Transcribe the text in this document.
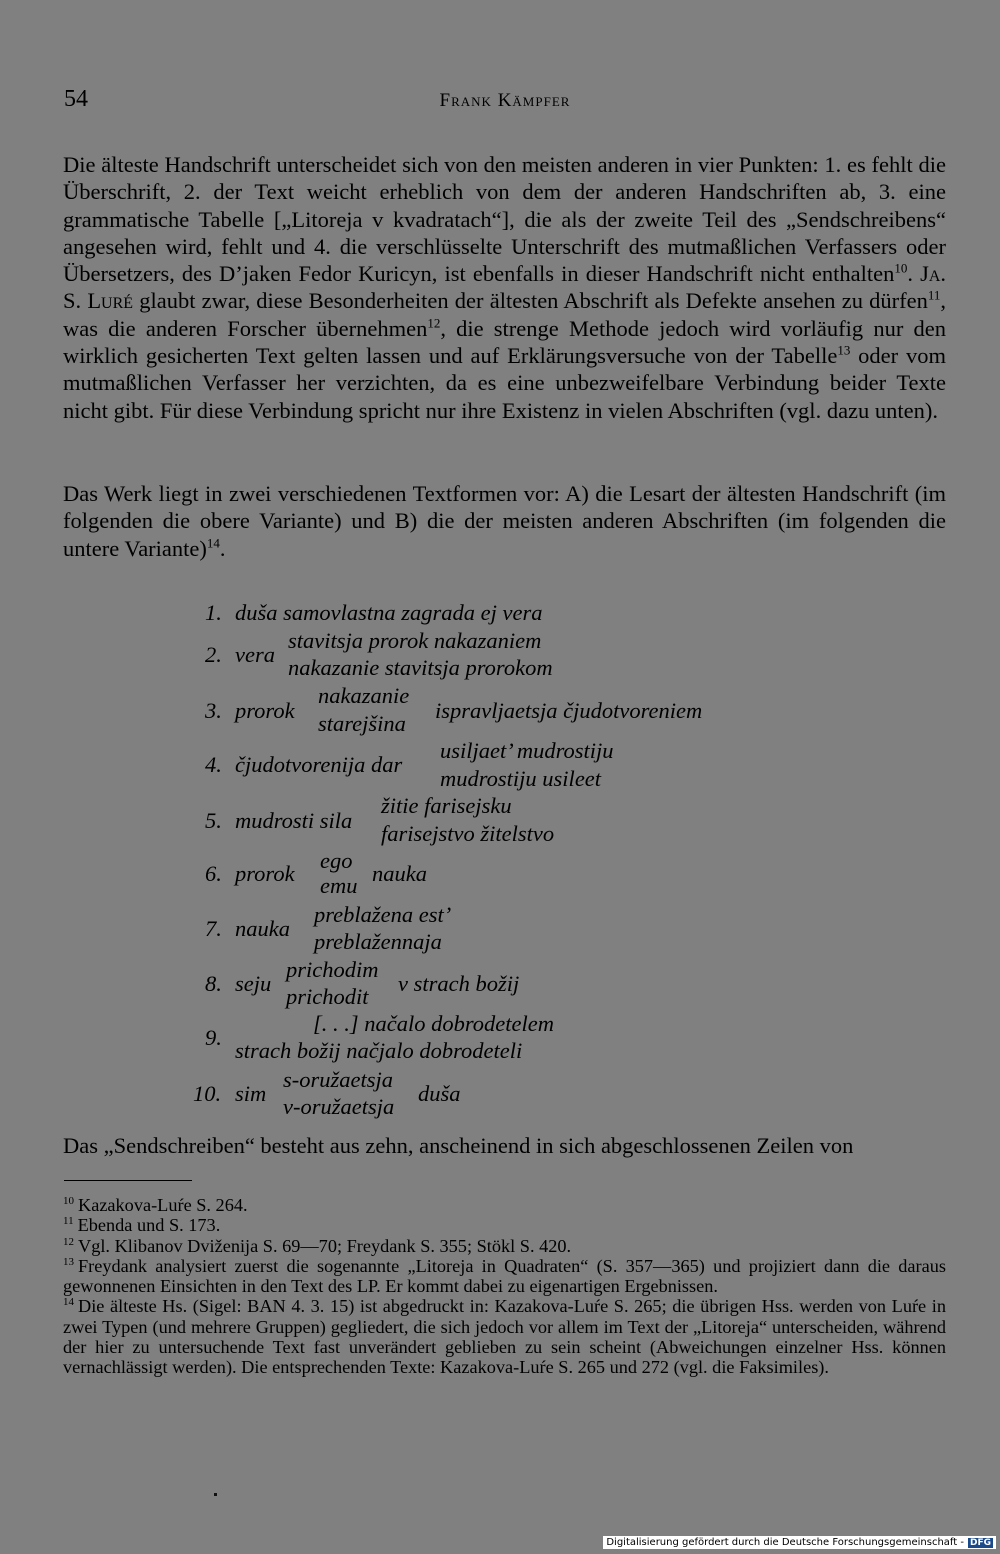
54	Frank Kämpfer
Die älteste Handschrift unterscheidet sich von den meisten anderen in vier Punkten: 1. es fehlt die Überschrift, 2. der Text weicht erheblich von dem der anderen Handschriften ab, 3. eine grammatische Tabelle [„Litoreja v kvadratach“], die als der zweite Teil des „Sendschreibens“ angesehen wird, fehlt und 4. die verschlüsselte Unterschrift des mutmaßlichen Verfassers oder Übersetzers, des D’jaken Fedor Kuricyn, ist ebenfalls in dieser Handschrift nicht enthalten$^{10}$. Ja. S. Luré glaubt zwar, diese Besonderheiten der ältesten Abschrift als Defekte ansehen zu dürfen$^{11}$, was die anderen Forscher übernehmen$^{12}$, die strenge Methode jedoch wird vorläufig nur den wirklich gesicherten Text gelten lassen und auf Erklärungsversuche von der Tabelle$^{13}$ oder vom mutmaßlichen Verfasser her verzichten, da es eine unbezweifelbare Verbindung beider Texte nicht gibt. Für diese Verbindung spricht nur ihre Existenz in vielen Abschriften (vgl. dazu unten).
Das Werk liegt in zwei verschiedenen Textformen vor: A) die Lesart der ältesten Handschrift (im folgenden die obere Variante) und B) die der meisten anderen Abschriften (im folgenden die untere Variante)$^{14}$.
1. duša samovlastna zagrada ej vera
2. vera
stavitsja prorok nakazaniem
nakazanie stavitsja prorokom
3. prorok
nakazanie
starejšina
ispravljaetsja čjudotvoreniem
4. čjudotvorenija dar
usiljaet’ mudrostiju
mudrostiju usileet
5. mudrosti sila
žitie farisejsku
farisejstvo žitelstvo
6. prorok
ego
emu nauka
7. nauka
preblažena est’
preblažennaja
8. seju
prichodim
prichodit
v strach božij
9.
[. . .] načalo dobrodetelem
strach božij načjalo dobrodeteli
10. sim
s-oružaetsja
v-oružaetsja
duša
Das „Sendschreiben“ besteht aus zehn, anscheinend in sich abgeschlossenen Zeilen von

$^{10}$ Kazakova-Luŕe S. 264.

$^{11}$ Ebenda und S. 173.

$^{12}$ Vgl. Klibanov Dviženija S. 69—70; Freydank S. 355; Stökl S. 420.

$^{13}$ Freydank analysiert zuerst die sogenannte „Litoreja in Quadraten“ (S. 357—365) und projiziert dann die daraus gewonnenen Einsichten in den Text des LP. Er kommt dabei zu eigenartigen Ergebnissen.

$^{14}$ Die älteste Hs. (Sigel: BAN 4. 3. 15) ist abgedruckt in: Kazakova-Luŕe S. 265; die übrigen Hss. werden von Luŕe in zwei Typen (und mehrere Gruppen) gegliedert, die sich jedoch vor allem im Text der „Litoreja“ unterscheiden, während der hier zu untersuchende Text fast unverändert geblieben zu sein scheint (Abweichungen einzelner Hss. können vernachlässigt werden). Die entsprechenden Texte: Kazakova-Luŕe S. 265 und 272 (vgl. die Faksimiles).

Digitalisierung gefördert durch die Deutsche Forschungsgemeinschaft - DFG
